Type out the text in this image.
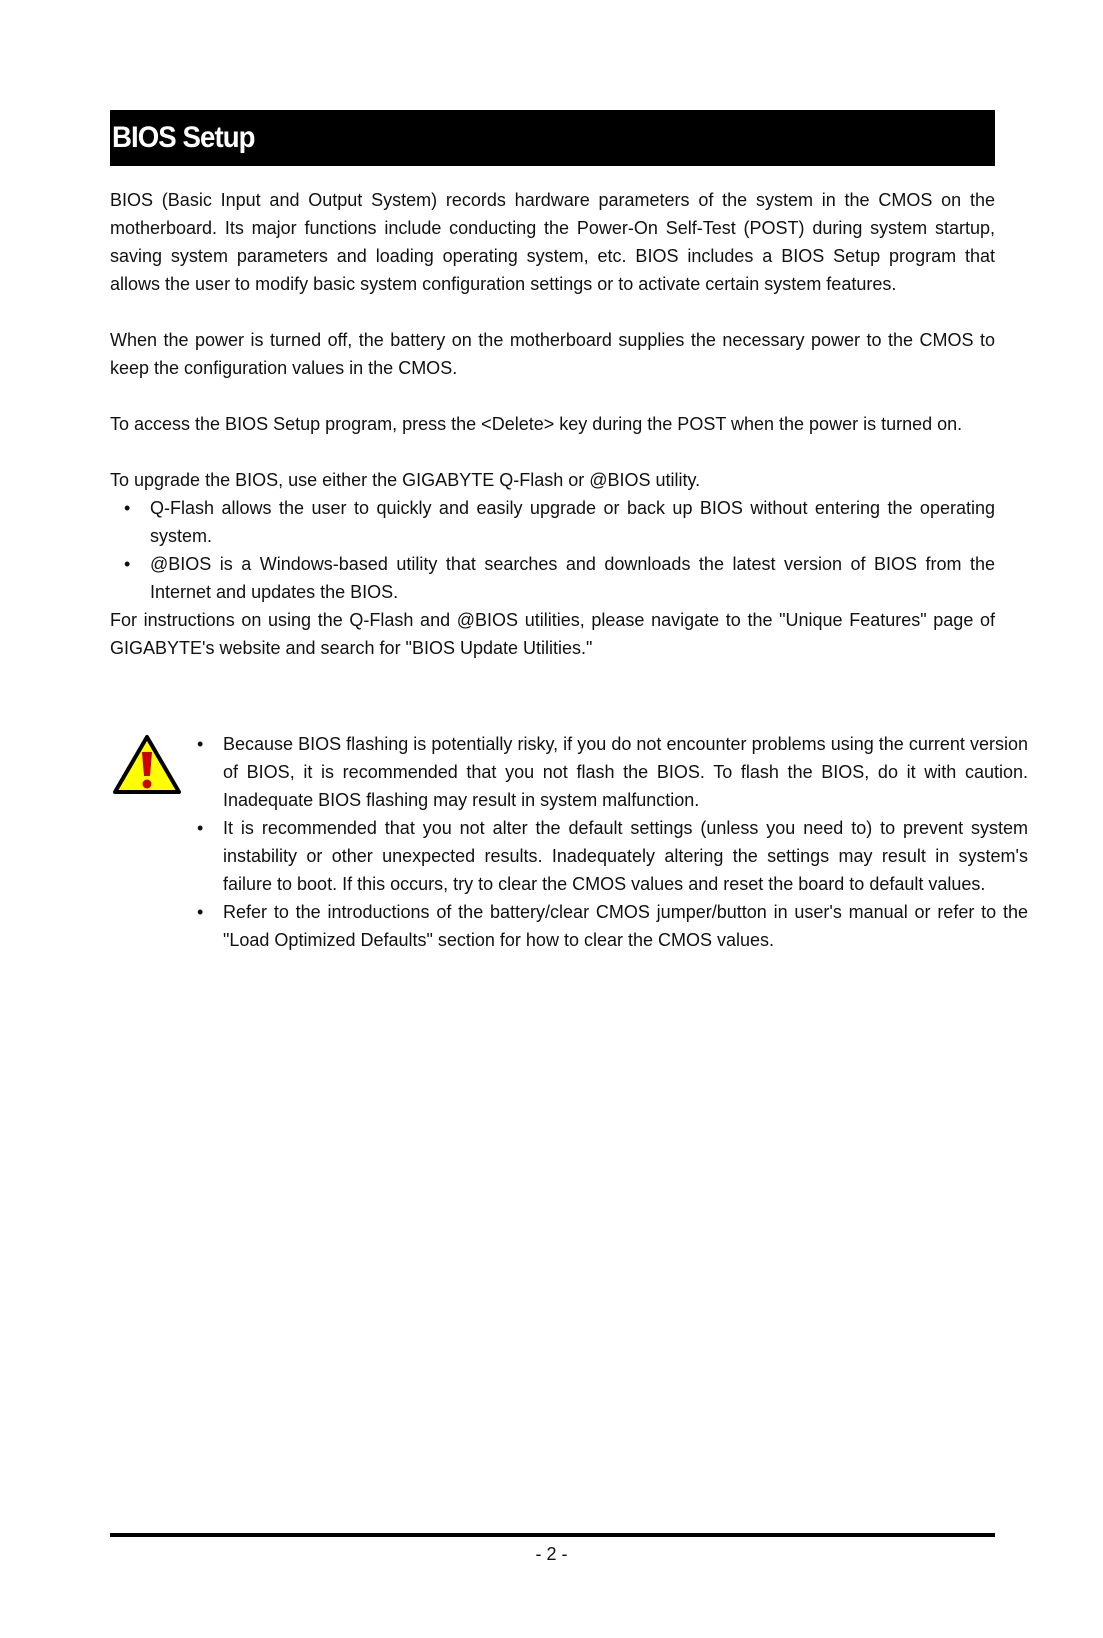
BIOS Setup

BIOS (Basic Input and Output System) records hardware parameters of the system in the CMOS on the motherboard. Its major functions include conducting the Power-On Self-Test (POST) during system startup, saving system parameters and loading operating system, etc. BIOS includes a BIOS Setup program that allows the user to modify basic system configuration settings or to activate certain system features.

When the power is turned off, the battery on the motherboard supplies the necessary power to the CMOS to keep the configuration values in the CMOS.

To access the BIOS Setup program, press the <Delete> key during the POST when the power is turned on.

To upgrade the BIOS, use either the GIGABYTE Q-Flash or @BIOS utility.

• Q-Flash allows the user to quickly and easily upgrade or back up BIOS without entering the operating system.
• @BIOS is a Windows-based utility that searches and downloads the latest version of BIOS from the Internet and updates the BIOS.

For instructions on using the Q-Flash and @BIOS utilities, please navigate to the "Unique Features" page of GIGABYTE's website and search for "BIOS Update Utilities."

• Because BIOS flashing is potentially risky, if you do not encounter problems using the current version of BIOS, it is recommended that you not flash the BIOS. To flash the BIOS, do it with caution. Inadequate BIOS flashing may result in system malfunction.
• It is recommended that you not alter the default settings (unless you need to) to prevent system instability or other unexpected results. Inadequately altering the settings may result in system's failure to boot. If this occurs, try to clear the CMOS values and reset the board to default values.
• Refer to the introductions of the battery/clear CMOS jumper/button in user's manual or refer to the "Load Optimized Defaults" section for how to clear the CMOS values.
- 2 -
